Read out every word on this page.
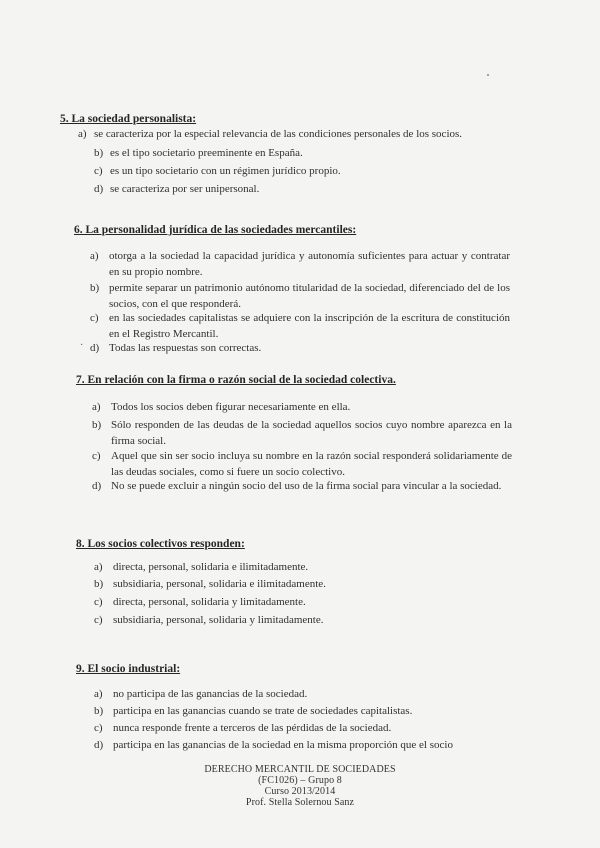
5. La sociedad personalista:
a) se caracteriza por la especial relevancia de las condiciones personales de los socios.
b) es el tipo societario preeminente en España.
c) es un tipo societario con un régimen jurídico propio.
d) se caracteriza por ser unipersonal.
6. La personalidad jurídica de las sociedades mercantiles:
a) otorga a la sociedad la capacidad jurídica y autonomía suficientes para actuar y contratar en su propio nombre.
b) permite separar un patrimonio autónomo titularidad de la sociedad, diferenciado del de los socios, con el que responderá.
c) en las sociedades capitalistas se adquiere con la inscripción de la escritura de constitución en el Registro Mercantil.
· d) Todas las respuestas son correctas.
7. En relación con la firma o razón social de la sociedad colectiva.
a) Todos los socios deben figurar necesariamente en ella.
b) Sólo responden de las deudas de la sociedad aquellos socios cuyo nombre aparezca en la firma social.
c) Aquel que sin ser socio incluya su nombre en la razón social responderá solidariamente de las deudas sociales, como si fuere un socio colectivo.
d) No se puede excluir a ningún socio del uso de la firma social para vincular a la sociedad.
8. Los socios colectivos responden:
a) directa, personal, solidaria e ilimitadamente.
b) subsidiaria, personal, solidaria e ilimitadamente.
c) directa, personal, solidaria y limitadamente.
c) subsidiaria, personal, solidaria y limitadamente.
9. El socio industrial:
a) no participa de las ganancias de la sociedad.
b) participa en las ganancias cuando se trate de sociedades capitalistas.
c) nunca responde frente a terceros de las pérdidas de la sociedad.
d) participa en las ganancias de la sociedad en la misma proporción que el socio
DERECHO MERCANTIL DE SOCIEDADES
(FC1026) – Grupo 8
Curso 2013/2014
Prof. Stella Solernou Sanz
